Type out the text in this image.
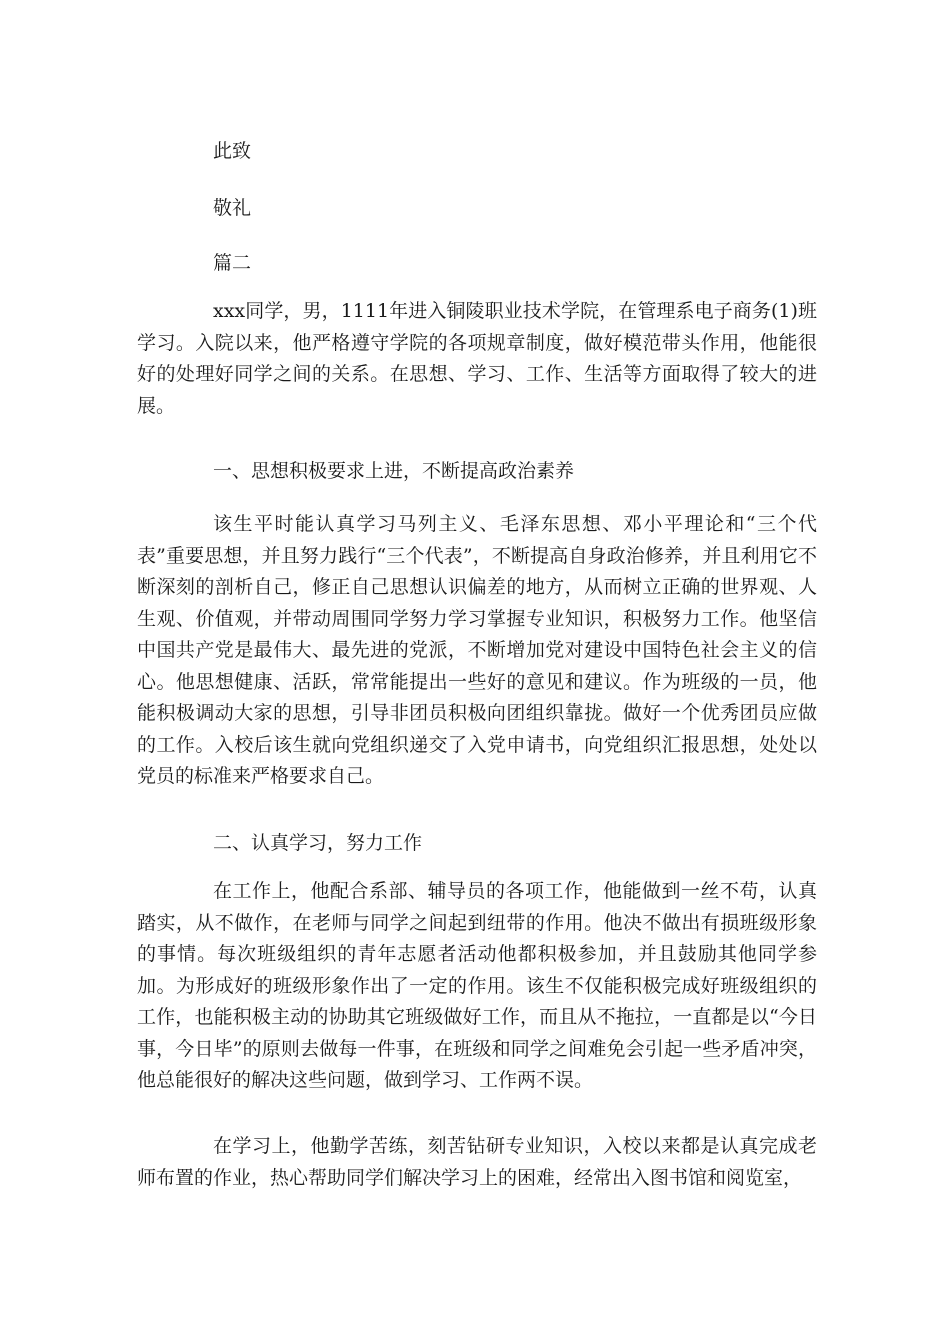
此致
敬礼
篇二

xxx同学，男，1111年进入铜陵职业技术学院，在管理系电子商务(1)班学习。入院以来，他严格遵守学院的各项规章制度，做好模范带头作用，他能很好的处理好同学之间的关系。在思想、学习、工作、生活等方面取得了较大的进展。

一、思想积极要求上进，不断提高政治素养

该生平时能认真学习马列主义、毛泽东思想、邓小平理论和“三个代表”重要思想，并且努力践行“三个代表”，不断提高自身政治修养，并且利用它不断深刻的剖析自己，修正自己思想认识偏差的地方，从而树立正确的世界观、人生观、价值观，并带动周围同学努力学习掌握专业知识，积极努力工作。他坚信中国共产党是最伟大、最先进的党派，不断增加党对建设中国特色社会主义的信心。他思想健康、活跃，常常能提出一些好的意见和建议。作为班级的一员，他能积极调动大家的思想，引导非团员积极向团组织靠拢。做好一个优秀团员应做的工作。入校后该生就向党组织递交了入党申请书，向党组织汇报思想，处处以党员的标准来严格要求自己。

二、认真学习，努力工作

在工作上，他配合系部、辅导员的各项工作，他能做到一丝不苟，认真踏实，从不做作，在老师与同学之间起到纽带的作用。他决不做出有损班级形象的事情。每次班级组织的青年志愿者活动他都积极参加，并且鼓励其他同学参加。为形成好的班级形象作出了一定的作用。该生不仅能积极完成好班级组织的工作，也能积极主动的协助其它班级做好工作，而且从不拖拉，一直都是以“今日事，今日毕”的原则去做每一件事，在班级和同学之间难免会引起一些矛盾冲突，他总能很好的解决这些问题，做到学习、工作两不误。

在学习上，他勤学苦练，刻苦钻研专业知识，入校以来都是认真完成老师布置的作业，热心帮助同学们解决学习上的困难，经常出入图书馆和阅览室，
